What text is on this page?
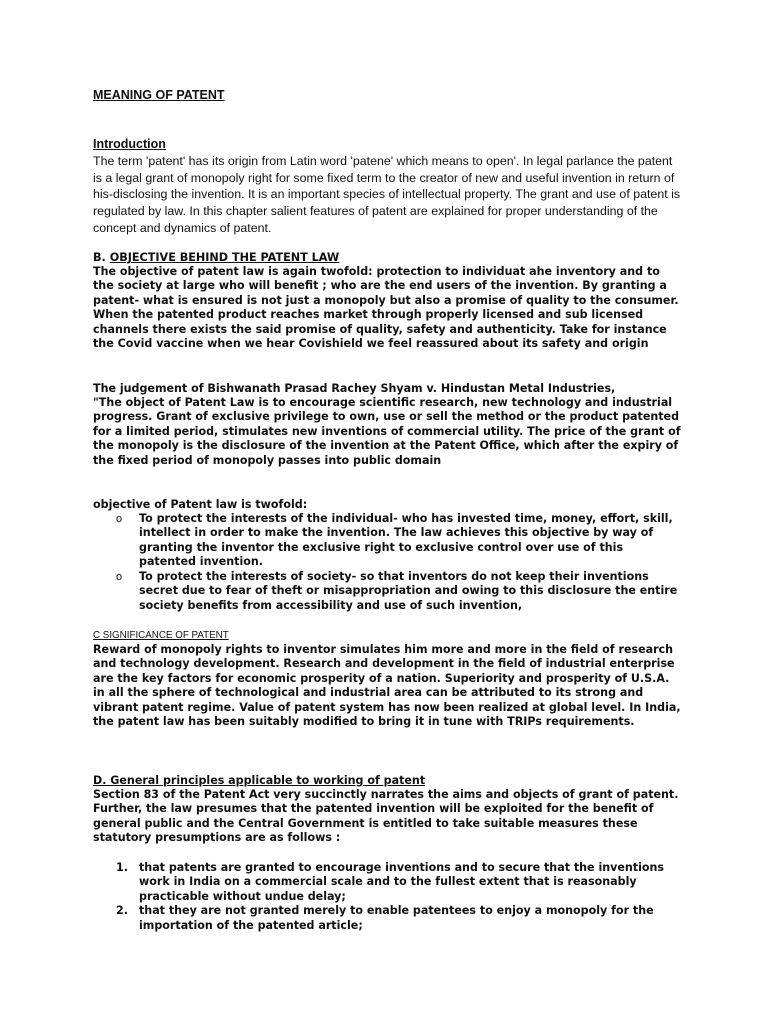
MEANING OF PATENT
Introduction
The term 'patent' has its origin from Latin word 'patene' which means to open'. In legal parlance the patent is a legal grant of monopoly right for some fixed term to the creator of new and useful invention in return of his-disclosing the invention. It is an important species of intellectual property. The grant and use of patent is regulated by law. In this chapter salient features of patent are explained for proper understanding of the concept and dynamics of patent.
B. OBJECTIVE BEHIND THE PATENT LAW
The objective of patent law is again twofold: protection to individuat ahe inventory and to the society at large who will benefit ; who are the end users of the invention. By granting a patent- what is ensured is not just a monopoly but also a promise of quality to the consumer. When the patented product reaches market through properly licensed and sub licensed channels there exists the said promise of quality, safety and authenticity. Take for instance the Covid vaccine when we hear Covishield we feel reassured about its safety and origin
The judgement of Bishwanath Prasad Rachey Shyam v. Hindustan Metal Industries,
"The object of Patent Law is to encourage scientific research, new technology and industrial progress. Grant of exclusive privilege to own, use or sell the method or the product patented for a limited period, stimulates new inventions of commercial utility. The price of the grant of the monopoly is the disclosure of the invention at the Patent Office, which after the expiry of the fixed period of monopoly passes into public domain
objective of Patent law is twofold:
o To protect the interests of the individual- who has invested time, money, effort, skill, intellect in order to make the invention. The law achieves this objective by way of granting the inventor the exclusive right to exclusive control over use of this patented invention.
o To protect the interests of society- so that inventors do not keep their inventions secret due to fear of theft or misappropriation and owing to this disclosure the entire society benefits from accessibility and use of such invention,
C SIGNIFICANCE OF PATENT
Reward of monopoly rights to inventor simulates him more and more in the field of research and technology development. Research and development in the field of industrial enterprise are the key factors for economic prosperity of a nation. Superiority and prosperity of U.S.A. in all the sphere of technological and industrial area can be attributed to its strong and vibrant patent regime. Value of patent system has now been realized at global level. In India, the patent law has been suitably modified to bring it in tune with TRIPs requirements.
D. General principles applicable to working of patent
Section 83 of the Patent Act very succinctly narrates the aims and objects of grant of patent. Further, the law presumes that the patented invention will be exploited for the benefit of general public and the Central Government is entitled to take suitable measures these statutory presumptions are as follows :
1. that patents are granted to encourage inventions and to secure that the inventions work in India on a commercial scale and to the fullest extent that is reasonably practicable without undue delay;
2. that they are not granted merely to enable patentees to enjoy a monopoly for the importation of the patented article;
